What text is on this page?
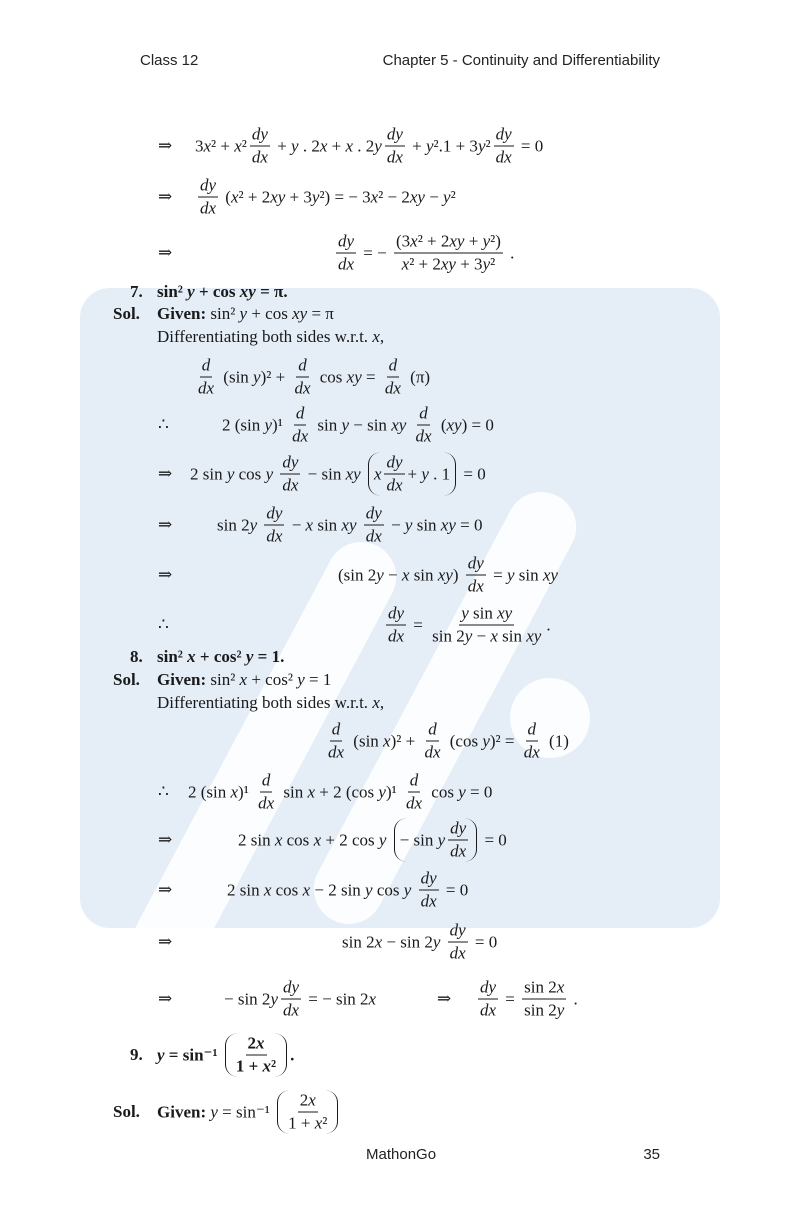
Class 12	Chapter 5 - Continuity and Differentiability
⇒ 3 x ² + x $^2 \frac{dy}{dx} + y$ . 2 x + x . 2 y $\frac{dy}{dx} + y$ ².1 + 3 y $^2 \frac{dy}{dx} = 0$
⇒ $\frac{dy}{dx}$ ( x ² + 2 xy + 3 y ²) = − 3 x ² − 2 xy − y ²
⇒	$\frac{dy}{dx}$ = − $\frac{\text{(3x² + 2xy + y²)}}{\text{x² + 2xy + 3y²}}$ .
7. sin² y + cos xy = π.
Sol. Given: sin² y + cos xy = π
Differentiating both sides w.r.t. x ,
$\frac{d}{dx} (\sin$ y )$^2 + \frac{d}{dx}$ cos xy = $\frac{d}{dx} (\pi)$
∴	2 (sin y )$^1 \frac{d}{dx}$ sin y − sin xy
$\frac{d}{dx}$ ( xy ) = 0
⇒ 2 sin y cos y
$\frac{dy}{dx} - \sin$ xy
x $\frac{dy}{dx} + y$ . 1 = 0
⇒	sin 2 y
$\frac{dy}{dx} - x$ sin xy
$\frac{dy}{dx} - y$ sin xy = 0
⇒	(sin 2 y − x sin xy ) $\frac{dy}{dx} = y$ sin xy
∴	$\frac{dy}{dx} = \frac{\text{y sin xy}}{\text{sin 2y − x sin xy}}$ .
8. sin² x + cos² y = 1.
Sol. Given: sin² x + cos² y = 1
Differentiating both sides w.r.t. x ,
$\frac{d}{dx} (\sin$ x )$^2 + \frac{d}{dx} (\cos$ y )$^2 = \frac{d}{dx} (1)$
∴ 2 (sin x )$^1 \frac{d}{dx}$ sin x + 2 (cos y )$^1 \frac{d}{dx}$ cos y = 0
⇒	2 sin x cos x + 2 cos y
− sin y $\frac{dy}{dx} = 0$
⇒	2 sin x cos x − 2 sin y cos y
$\frac{dy}{dx} = 0$
⇒	sin 2 x − sin 2 y
$\frac{dy}{dx} = 0$
⇒	− sin 2 y $\frac{dy}{dx}$ = − sin 2 x	⇒ $\frac{dy}{dx} = \frac{\sin 2x}{\sin 2y}$ .
9. $y = \sin^{-1} \frac{2x}{\text{1 + x²}}$ .
Sol. Given:
$y = \sin^{-1} \frac{2x}{\text{1 + x²}}$
MathonGo	35
